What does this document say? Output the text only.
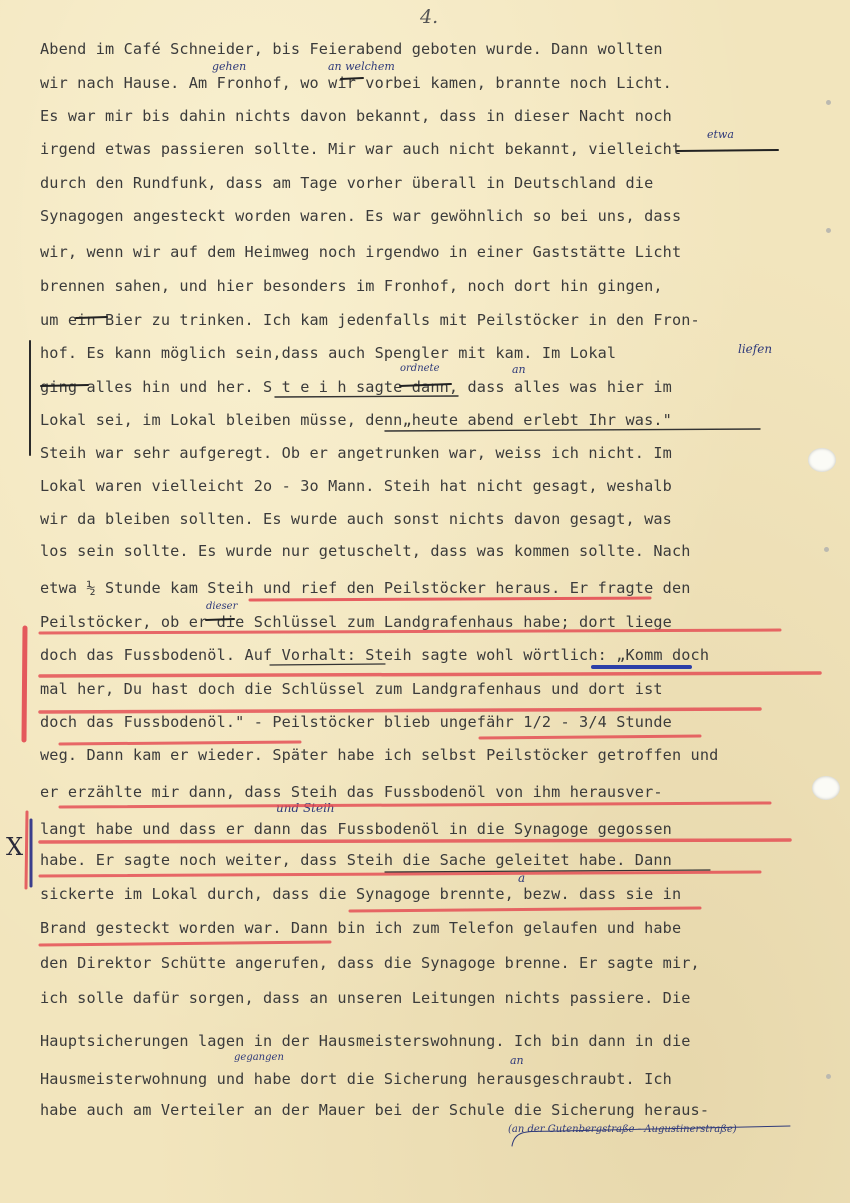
4.
Abend im Café Schneider, bis Feierabend geboten wurde. Dann wollten
wir nach Hause. Am Fronhof, wo wir vorbei kamen, brannte noch Licht.
Es war mir bis dahin nichts davon bekannt, dass in dieser Nacht noch
irgend etwas passieren sollte. Mir war auch nicht bekannt, vielleicht
durch den Rundfunk, dass am Tage vorher überall in Deutschland die
Synagogen angesteckt worden waren. Es war gewöhnlich so bei uns, dass
wir, wenn wir auf dem Heimweg noch irgendwo in einer Gaststätte Licht
brennen sahen, und hier besonders im Fronhof, noch dort hin gingen,
um ein Bier zu trinken. Ich kam jedenfalls mit Peilstöcker in den Fron-
hof. Es kann möglich sein,dass auch Spengler mit kam. Im Lokal
ging alles hin und her. S t e i h sagte dann, dass alles was hier im
Lokal sei, im Lokal bleiben müsse, denn„heute abend erlebt Ihr was."
Steih war sehr aufgeregt. Ob er angetrunken war, weiss ich nicht. Im
Lokal waren vielleicht 2o - 3o Mann. Steih hat nicht gesagt, weshalb
wir da bleiben sollten. Es wurde auch sonst nichts davon gesagt, was
los sein sollte. Es wurde nur getuschelt, dass was kommen sollte. Nach
etwa ½ Stunde kam Steih und rief den Peilstöcker heraus. Er fragte den
Peilstöcker, ob er die Schlüssel zum Landgrafenhaus habe; dort liege
doch das Fussbodenöl. Auf Vorhalt: Steih sagte wohl wörtlich: „Komm doch
mal her, Du hast doch die Schlüssel zum Landgrafenhaus und dort ist
doch das Fussbodenöl." - Peilstöcker blieb ungefähr 1/2 - 3/4 Stunde
weg. Dann kam er wieder. Später habe ich selbst Peilstöcker getroffen und
er erzählte mir dann, dass Steih das Fussbodenöl von ihm herausver-
langt habe und dass er dann das Fussbodenöl in die Synagoge gegossen
habe. Er sagte noch weiter, dass Steih die Sache geleitet habe. Dann
sickerte im Lokal durch, dass die Synagoge brennte, bezw. dass sie in
Brand gesteckt worden war. Dann bin ich zum Telefon gelaufen und habe
den Direktor Schütte angerufen, dass die Synagoge brenne. Er sagte mir,
ich solle dafür sorgen, dass an unseren Leitungen nichts passiere. Die
Hauptsicherungen lagen in der Hausmeisterswohnung. Ich bin dann in die
Hausmeisterwohnung und habe dort die Sicherung herausgeschraubt. Ich
habe auch am Verteiler an der Mauer bei der Schule die Sicherung heraus-
gehen	an welchem
etwa
liefen
ordnete	an
dieser
und Steih
a
gegangen	an
(an der Gutenbergstraße - Augustinerstraße)
X
